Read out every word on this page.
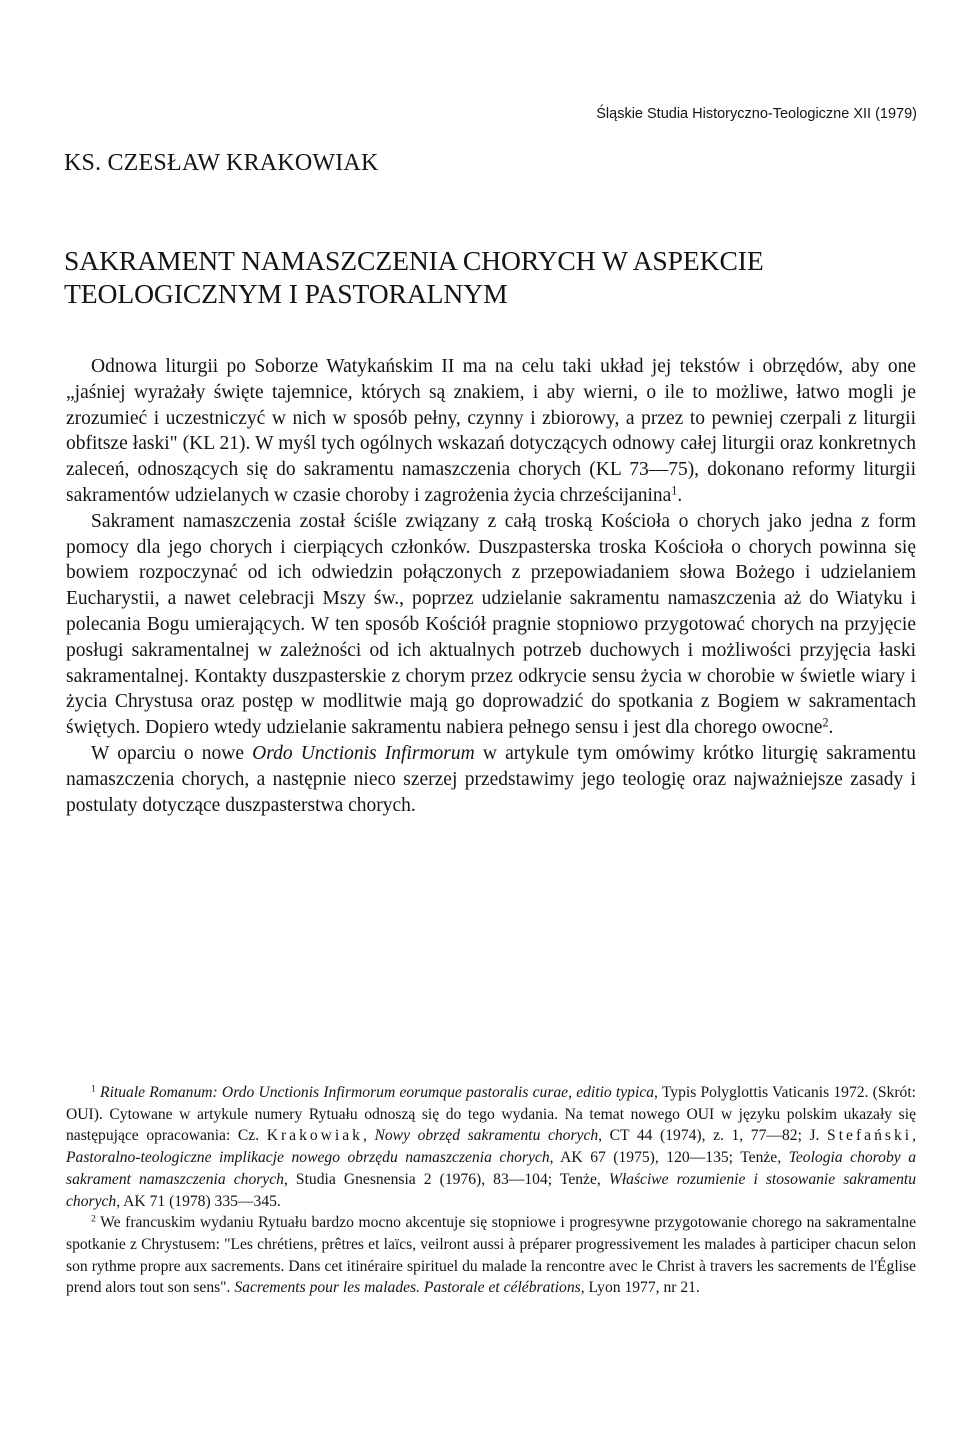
Śląskie Studia Historyczno-Teologiczne XII (1979)
KS. CZESŁAW KRAKOWIAK
SAKRAMENT NAMASZCZENIA CHORYCH W ASPEKCIE
TEOLOGICZNYM I PASTORALNYM

Odnowa liturgii po Soborze Watykańskim II ma na celu taki układ jej tekstów i obrzędów, aby one „jaśniej wyrażały święte tajemnice, których są znakiem, i aby wierni, o ile to możliwe, łatwo mogli je zrozumieć i uczestniczyć w nich w sposób pełny, czynny i zbiorowy, a przez to pewniej czerpali z liturgii obfitsze łaski" (KL 21). W myśl tych ogólnych wskazań dotyczących odnowy całej liturgii oraz konkretnych zaleceń, odnoszących się do sakramentu namaszczenia chorych (KL 73—75), dokonano reformy liturgii sakramentów udzielanych w czasie choroby i zagrożenia życia chrześcijanina$^1$.

Sakrament namaszczenia został ściśle związany z całą troską Kościoła o chorych jako jedna z form pomocy dla jego chorych i cierpiących członków. Duszpasterska troska Kościoła o chorych powinna się bowiem rozpoczynać od ich odwiedzin połączonych z przepowiadaniem słowa Bożego i udzielaniem Eucharystii, a nawet celebracji Mszy św., poprzez udzielanie sakramentu namaszczenia aż do Wiatyku i polecania Bogu umierających. W ten sposób Kościół pragnie stopniowo przygotować chorych na przyjęcie posługi sakramentalnej w zależności od ich aktualnych potrzeb duchowych i możliwości przyjęcia łaski sakramentalnej. Kontakty duszpasterskie z chorym przez odkrycie sensu życia w chorobie w świetle wiary i życia Chrystusa oraz postęp w modlitwie mają go doprowadzić do spotkania z Bogiem w sakramentach świętych. Dopiero wtedy udzielanie sakramentu nabiera pełnego sensu i jest dla chorego owocne$^2$.

W oparciu o nowe Ordo Unctionis Infirmorum w artykule tym omówimy krótko liturgię sakramentu namaszczenia chorych, a następnie nieco szerzej przedstawimy jego teologię oraz najważniejsze zasady i postulaty dotyczące duszpasterstwa chorych.

$^1$ Rituale Romanum: Ordo Unctionis Infirmorum eorumque pastoralis curae, editio typica, Typis Polyglottis Vaticanis 1972. (Skrót: OUI). Cytowane w artykule numery Rytuału odnoszą się do tego wydania. Na temat nowego OUI w języku polskim ukazały się następujące opracowania: Cz. Krakowiak, Nowy obrzęd sakramentu chorych, CT 44 (1974), z. 1, 77—82; J. Stefański, Pastoralno-teologiczne implikacje nowego obrzędu namaszczenia chorych, AK 67 (1975), 120—135; Tenże, Teologia choroby a sakrament namaszczenia chorych, Studia Gnesnensia 2 (1976), 83—104; Tenże, Właściwe rozumienie i stosowanie sakramentu chorych, AK 71 (1978) 335—345.

$^2$ We francuskim wydaniu Rytuału bardzo mocno akcentuje się stopniowe i progresywne przygotowanie chorego na sakramentalne spotkanie z Chrystusem: "Les chrétiens, prêtres et laïcs, veilront aussi à préparer progressivement les malades à participer chacun selon son rythme propre aux sacrements. Dans cet itinéraire spirituel du malade la rencontre avec le Christ à travers les sacrements de l'Église prend alors tout son sens". Sacrements pour les malades. Pastorale et célébrations, Lyon 1977, nr 21.
